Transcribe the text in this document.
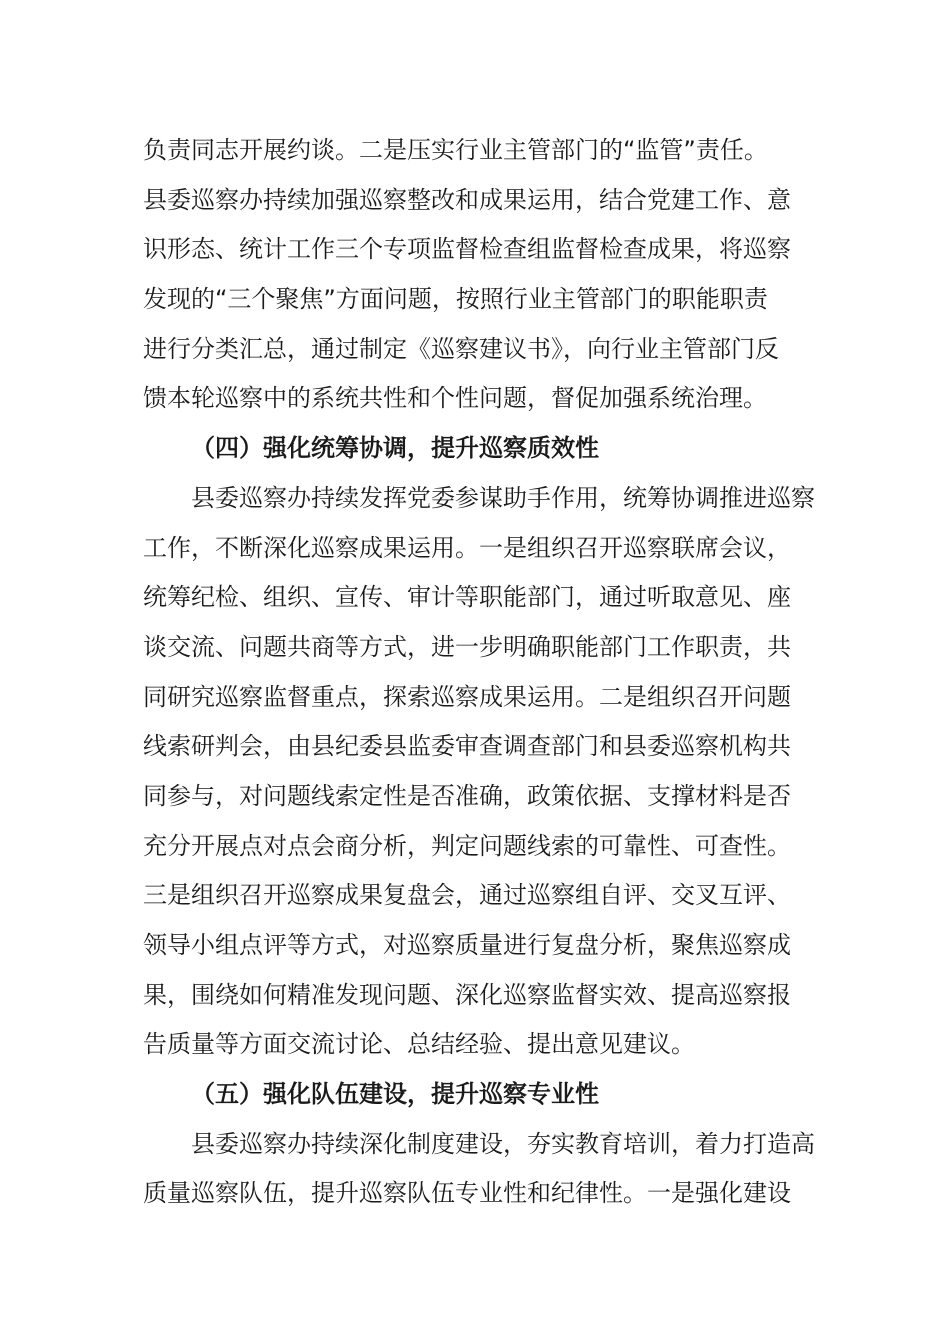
负责同志开展约谈。二是压实行业主管部门的“监管”责任。
县委巡察办持续加强巡察整改和成果运用，结合党建工作、意
识形态、统计工作三个专项监督检查组监督检查成果，将巡察
发现的“三个聚焦”方面问题，按照行业主管部门的职能职责
进行分类汇总，通过制定《巡察建议书》，向行业主管部门反
馈本轮巡察中的系统共性和个性问题，督促加强系统治理。
（四）强化统筹协调，提升巡察质效性
县委巡察办持续发挥党委参谋助手作用，统筹协调推进巡察
工作，不断深化巡察成果运用。一是组织召开巡察联席会议，
统筹纪检、组织、宣传、审计等职能部门，通过听取意见、座
谈交流、问题共商等方式，进一步明确职能部门工作职责，共
同研究巡察监督重点，探索巡察成果运用。二是组织召开问题
线索研判会，由县纪委县监委审查调查部门和县委巡察机构共
同参与，对问题线索定性是否准确，政策依据、支撑材料是否
充分开展点对点会商分析，判定问题线索的可靠性、可查性。
三是组织召开巡察成果复盘会，通过巡察组自评、交叉互评、
领导小组点评等方式，对巡察质量进行复盘分析，聚焦巡察成
果，围绕如何精准发现问题、深化巡察监督实效、提高巡察报
告质量等方面交流讨论、总结经验、提出意见建议。
（五）强化队伍建设，提升巡察专业性
县委巡察办持续深化制度建设，夯实教育培训，着力打造高
质量巡察队伍，提升巡察队伍专业性和纪律性。一是强化建设
